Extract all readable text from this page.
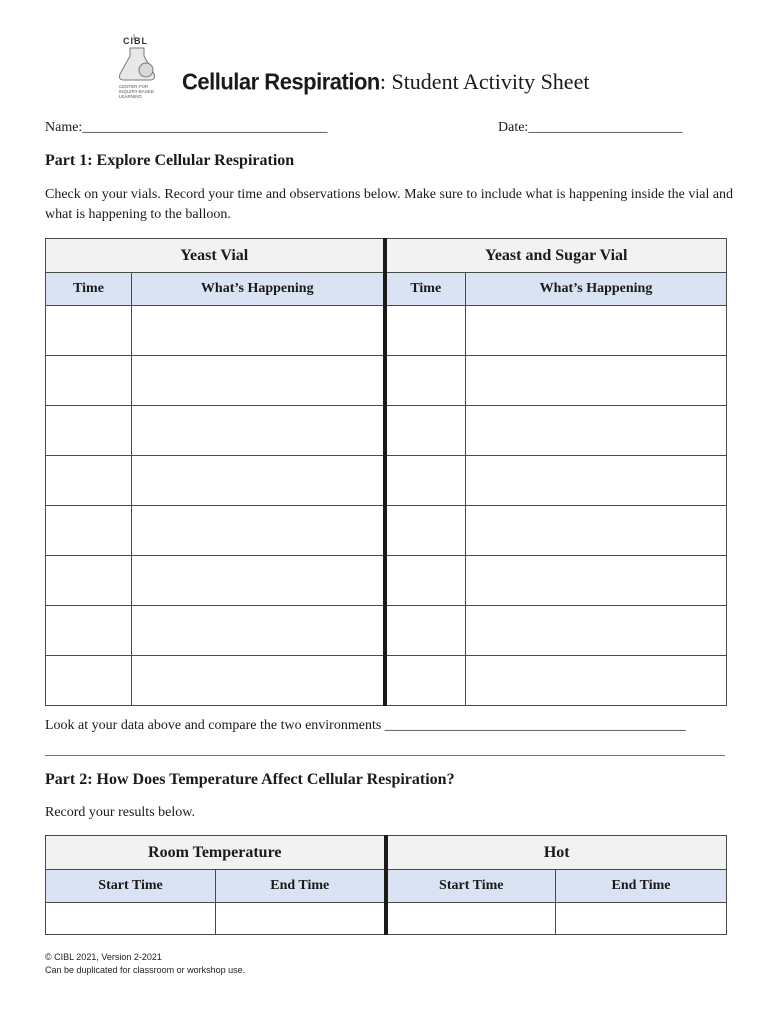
CIBL
CENTER FOR INQUIRY-BASED LEARNING
Cellular Respiration: Student Activity Sheet
Name:___________________________________	Date:______________________
Part 1: Explore Cellular Respiration
Check on your vials. Record your time and observations below. Make sure to include what is happening inside the vial and what is happening to the balloon.
Yeast Vial		Yeast and Sugar Vial	
Time	What’s Happening	Time	What’s Happening

Look at your data above and compare the two environments ___________________________________________
Part 2: How Does Temperature Affect Cellular Respiration?
Record your results below.
Room Temperature		Hot	
Start Time	End Time	Start Time	End Time

© CIBL 2021, Version 2-2021
Can be duplicated for classroom or workshop use.
